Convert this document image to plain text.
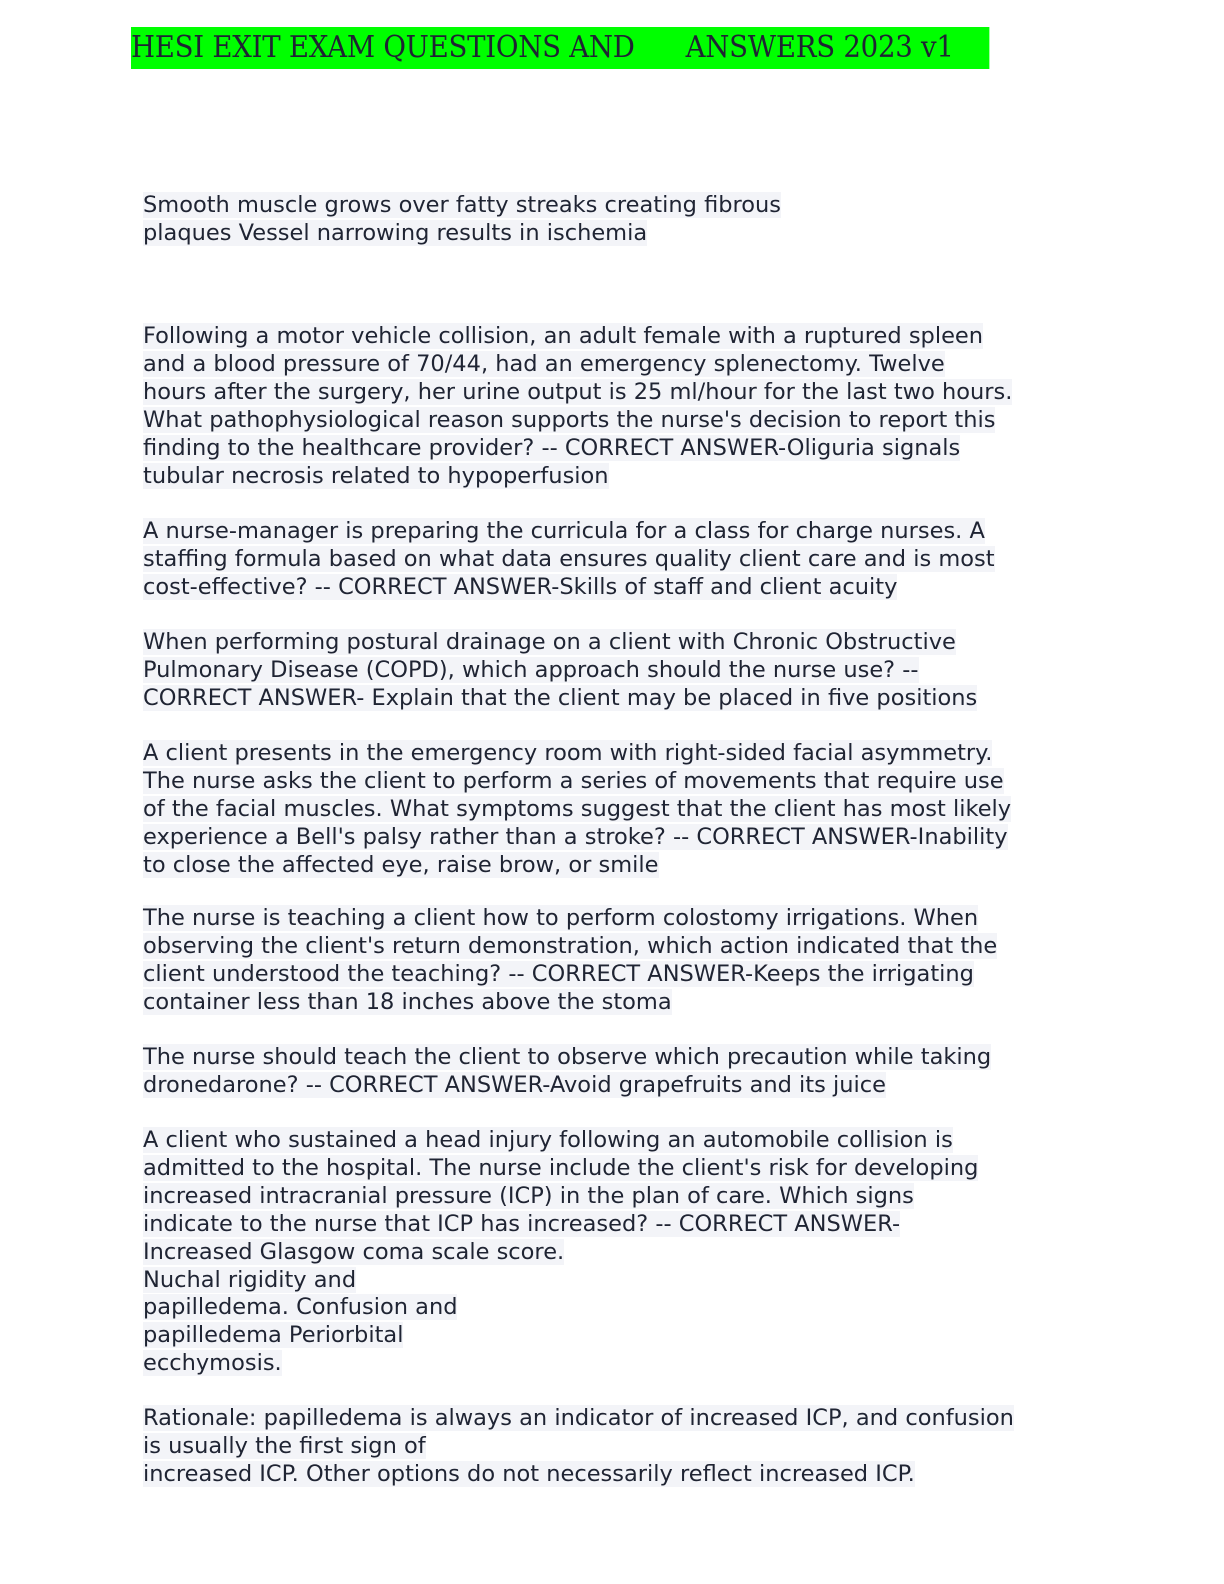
HESI EXIT EXAM QUESTIONS AND      ANSWERS 2023 v1
Smooth muscle grows over fatty streaks creating fibrous
plaques Vessel narrowing results in ischemia
Following a motor vehicle collision, an adult female with a ruptured spleen
and a blood pressure of 70/44, had an emergency splenectomy. Twelve
hours after the surgery, her urine output is 25 ml/hour for the last two hours.
What pathophysiological reason supports the nurse's decision to report this
finding to the healthcare provider? -- CORRECT ANSWER-Oliguria signals
tubular necrosis related to hypoperfusion
A nurse-manager is preparing the curricula for a class for charge nurses. A
staffing formula based on what data ensures quality client care and is most
cost-effective? -- CORRECT ANSWER-Skills of staff and client acuity
When performing postural drainage on a client with Chronic Obstructive
Pulmonary Disease (COPD), which approach should the nurse use? --
CORRECT ANSWER- Explain that the client may be placed in five positions
A client presents in the emergency room with right-sided facial asymmetry.
The nurse asks the client to perform a series of movements that require use
of the facial muscles. What symptoms suggest that the client has most likely
experience a Bell's palsy rather than a stroke? -- CORRECT ANSWER-Inability
to close the affected eye, raise brow, or smile
The nurse is teaching a client how to perform colostomy irrigations. When
observing the client's return demonstration, which action indicated that the
client understood the teaching? -- CORRECT ANSWER-Keeps the irrigating
container less than 18 inches above the stoma
The nurse should teach the client to observe which precaution while taking
dronedarone? -- CORRECT ANSWER-Avoid grapefruits and its juice
A client who sustained a head injury following an automobile collision is
admitted to the hospital. The nurse include the client's risk for developing
increased intracranial pressure (ICP) in the plan of care. Which signs
indicate to the nurse that ICP has increased? -- CORRECT ANSWER-
Increased Glasgow coma scale score.
Nuchal rigidity and
papilledema. Confusion and
papilledema Periorbital
ecchymosis.
Rationale: papilledema is always an indicator of increased ICP, and confusion
is usually the first sign of
increased ICP. Other options do not necessarily reflect increased ICP.
